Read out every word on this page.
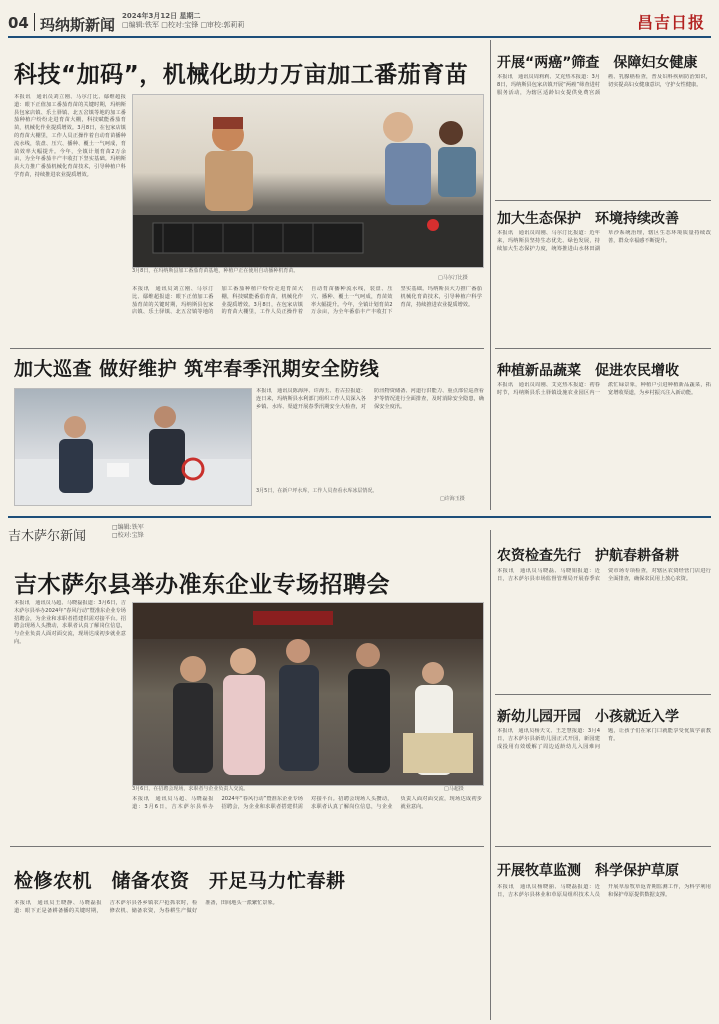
04 玛纳斯新闻 2024年3月12日 星期二
□编辑:铁军 □校对:宝锋 □审校:郭莉莉	昌吉日报
科技“加码”，机械化助力万亩加工番茄育苗
本报讯　通讯员刘立刚、马尔汀比、鄢维超报道：眼下正值加工番茄育苗的关键时期，玛纳斯县包家店镇、乐土驿镇、北五岔镇等地的加工番茄种植户纷纷走进育苗大棚，科技赋能番茄育苗，机械化作业提质增效。3月8日，在包家店镇的育苗大棚里，工作人员正操作着自动育苗播种流水线，装盘、压穴、播种、覆土一气呵成，育苗效率大幅提升。今年，全镇计划育苗2万余亩，为全年番茄丰产丰收打下坚实基础。玛纳斯县大力推广番茄机械化育苗技术，引导种植户科学育苗，持续推进农业提质增效。
3月8日，在玛纳斯县加工番茄育苗基地，种植户正在使用自动播种机育苗。
□马尔汀比摄
本报讯　通讯员刘立刚、马尔汀比、鄢维超报道：眼下正值加工番茄育苗的关键时期，玛纳斯县包家店镇、乐土驿镇、北五岔镇等地的加工番茄种植户纷纷走进育苗大棚，科技赋能番茄育苗，机械化作业提质增效。3月8日，在包家店镇的育苗大棚里，工作人员正操作着自动育苗播种流水线，装盘、压穴、播种、覆土一气呵成，育苗效率大幅提升。今年，全镇计划育苗2万余亩，为全年番茄丰产丰收打下坚实基础。玛纳斯县大力推广番茄机械化育苗技术，引导种植户科学育苗，持续推进农业提质增效。
加大巡查 做好维护 筑牢春季汛期安全防线
本报讯　通讯员陈海萍、许海玉、若古拉报道：连日来，玛纳斯县水利部门组织工作人员深入各乡镇、水库、渠道开展春季汛期安全大检查，对防汛物资储备、河道行洪能力、重点部位巡查看护等情况进行全面排查，及时消除安全隐患，确保安全度汛。
3月5日，在新户坪水库，工作人员查看水库冰层情况。
□许海玉摄
开展“两癌”筛查　保障妇女健康
本报讯　通讯员周莉莉、艾克热木报道：3月8日，玛纳斯县包家店镇开展“两癌”筛查进村服务活动，为辖区适龄妇女提供免费宫颈癌、乳腺癌检查，普及妇科疾病防治知识，切实提高妇女健康意识，守护女性健康。
加大生态保护　环境持续改善
本报讯　通讯员周刚、马尔汀比报道：近年来，玛纳斯县坚持生态优先、绿色发展，持续加大生态保护力度，统筹推进山水林田湖草沙系统治理，辖区生态环境质量持续改善，群众幸福感不断提升。
种植新品蔬菜　促进农民增收
本报讯　通讯员周刚、艾克热木报道：初春时节，玛纳斯县乐土驿镇设施农业园区内一派忙碌景象，种植户引进种植新品蔬菜，拓宽增收渠道，为乡村振兴注入新动能。
吉木萨尔新闻
□编辑:铁军
□校对:宝锋
吉木萨尔县举办准东企业专场招聘会
本报讯　通讯员马超、马晓磊报道：3月6日，吉木萨尔县举办2024年“春风行动”暨准东企业专场招聘会，为企业和求职者搭建供需对接平台。招聘会现场人头攒动，求职者认真了解岗位信息，与企业负责人面对面交流，现场达成初步就业意向。
3月6日，在招聘会现场，求职者与企业负责人交流。	□马超摄
本报讯　通讯员马超、马晓磊报道：3月6日，吉木萨尔县举办2024年“春风行动”暨准东企业专场招聘会，为企业和求职者搭建供需对接平台。招聘会现场人头攒动，求职者认真了解岗位信息，与企业负责人面对面交流，现场达成初步就业意向。
检修农机　储备农资　开足马力忙春耕
本报讯　通讯员王晓静、马晓磊报道：眼下正是备耕备播的关键时期，吉木萨尔县各乡镇农户抢抓农时，检修农机、储备农资，为春耕生产做好准备，田间地头一派繁忙景象。
农资检查先行　护航春耕备耕
本报讯　通讯员马晓磊、马晓娟报道：近日，吉木萨尔县市场监督管理局开展春季农资市场专项检查，对辖区农资经营门店进行全面排查，确保农民用上放心农资。
新幼儿园开园　小孩就近入学
本报讯　通讯员杨天文、王芝慧报道：3月4日，吉木萨尔县新幼儿园正式开园，新园建成投用有效缓解了周边适龄幼儿入园难问题，让孩子们在家门口就能享受优质学前教育。
开展牧草监测　科学保护草原
本报讯　通讯员杨晓丽、马晓磊报道：近日，吉木萨尔县林业和草原局组织技术人员开展草原牧草返青期监测工作，为科学利用和保护草原提供数据支撑。
